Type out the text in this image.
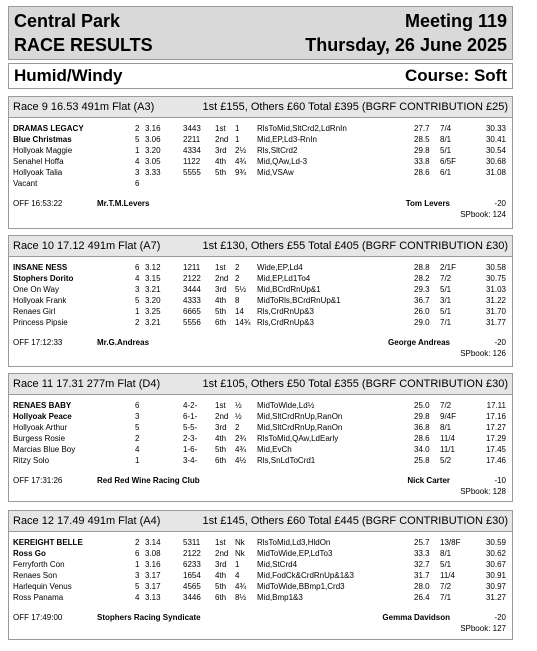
Central Park	Meeting 119
RACE RESULTS	Thursday, 26 June 2025
Humid/Windy	Course: Soft
Race 9 16.53 491m Flat (A3)	1st £155, Others £60 Total £395 (BGRF CONTRIBUTION £25)
DRAMAS LEGACY	2 3.16	3443 1st 1 RlsToMid,SltCrd2,LdRnIn	27.7 7/4	30.33
Blue Christmas	5 3.06	2211 2nd 1 Mid,EP,Ld3-RnIn	28.5 8/1	30.41
Hollyoak Maggie	1 3.20	4334 3rd 2½ Rls,SltCrd2	29.8 5/1	30.54
Senahel Hoffa	4 3.05	1122 4th 4¾ Mid,QAw,Ld-3	33.8 6/5F	30.68
Hollyoak Talia	3 3.33	5555 5th 9¾ Mid,VSAw	28.6 6/1	31.08
Vacant	6
OFF 16:53:22	Mr.T.M.Levers	Tom Levers	-20
SPbook: 124
Race 10 17.12 491m Flat (A7)	1st £130, Others £55 Total £405 (BGRF CONTRIBUTION £30)
INSANE NESS	6 3.12	1211 1st 2 Wide,EP,Ld4	28.8 2/1F	30.58
Stophers Dorito	4 3.15	2122 2nd 2 Mid,EP,Ld1To4	28.2 7/2	30.75
One On Way	3 3.21	3444 3rd 5½ Mid,BCrdRnUp&1	29.3 5/1	31.03
Hollyoak Frank	5 3.20	4333 4th 8 MidToRls,BCrdRnUp&1	36.7 3/1	31.22
Renaes Girl	1 3.25	6665 5th 14 Rls,CrdRnUp&3	26.0 5/1	31.70
Princess Pipsie	2 3.21	5556 6th 14¾ Rls,CrdRnUp&3	29.0 7/1	31.77
OFF 17:12:33	Mr.G.Andreas	George Andreas	-20
SPbook: 126
Race 11 17.31 277m Flat (D4)	1st £105, Others £50 Total £355 (BGRF CONTRIBUTION £30)
RENAES BABY	6	4-2- 1st ½ MidToWide,Ld½	25.0 7/2	17.11
Hollyoak Peace	3	6-1- 2nd ½ Mid,SltCrdRnUp,RanOn	29.8 9/4F	17.16
Hollyoak Arthur	5	5-5- 3rd 2 Mid,SltCrdRnUp,RanOn	36.8 8/1	17.27
Burgess Rosie	2	2-3- 4th 2¾ RlsToMid,QAw,LdEarly	28.6 11/4	17.29
Marcias Blue Boy	4	1-6- 5th 4¾ Mid,EvCh	34.0 11/1	17.45
Ritzy Solo	1	3-4- 6th 4½ Rls,SnLdToCrd1	25.8 5/2	17.46
OFF 17:31:26	Red Red Wine Racing Club	Nick Carter	-10
SPbook: 128
Race 12 17.49 491m Flat (A4)	1st £145, Others £60 Total £445 (BGRF CONTRIBUTION £30)
KEREIGHT BELLE	2 3.14	5311 1st Nk RlsToMid,Ld3,HldOn	25.7 13/8F	30.59
Ross Go	6 3.08	2122 2nd Nk MidToWide,EP,LdTo3	33.3 8/1	30.62
Ferryforth Con	1 3.16	6233 3rd 1 Mid,StCrd4	32.7 5/1	30.67
Renaes Son	3 3.17	1654 4th 4 Mid,FodCk&CrdRnUp&1&3	31.7 11/4	30.91
Harlequin Venus	5 3.17	4565 5th 4¾ MidToWide,BBmp1,Crd3	28.0 7/2	30.97
Ross Panama	4 3.13	3446 6th 8½ Mid,Bmp1&3	26.4 7/1	31.27
OFF 17:49:00	Stophers Racing Syndicate	Gemma Davidson	-20
SPbook: 127
